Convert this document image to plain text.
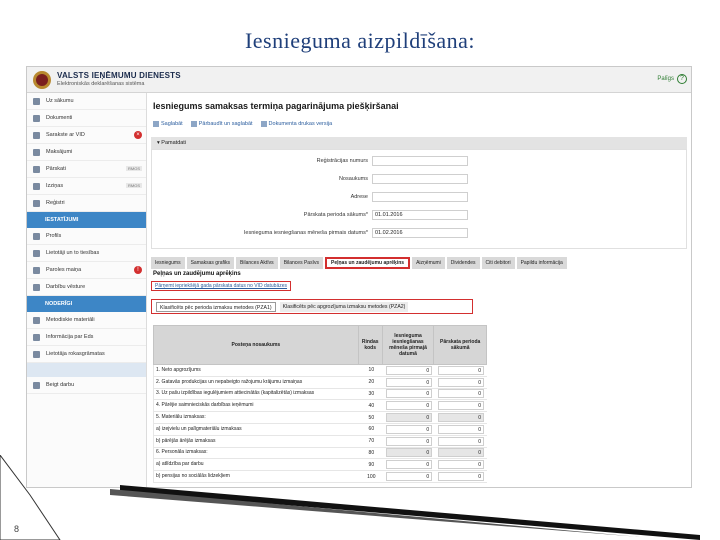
Iesnieguma aizpildīšana:
VALSTS IEŅĒMUMU DIENESTS
Elektroniskās deklarēšanas sistēma
Palīgs ?
Uz sākumu
Dokumenti
Sarakste ar VID	×
Maksājumi
Pārskati	RMOS
Izziņas	RMOS
Reģistri
IESTATĪJUMI
Profils
Lietotāji un to tiesības
Paroles maiņa	!
Darbību vēsture
NODERĪGI
Metodiskie materiāli
Informācija par Eds
Lietotāja rokasgrāmatas
Beigt darbu
Iesniegums samaksas termiņa pagarinājuma piešķiršanai
Saglabāt	Pārbaudīt un saglabāt	Dokumenta drukas versija
▾ Pamatdati
Reģistrācijas numurs
Nosaukums
Adrese
Pārskata perioda sākums*	01.01.2016
Iesnieguma iesniegšanas mēneša pirmais datums*	01.02.2016
Iesniegums	Samaksas grafiks	Bilances Aktīvs	Bilances Pasīvs	Peļņas un zaudējumu aprēķins	Aizņēmumi	Dividendes	Citi debitori	Papildu informācija
Peļņas un zaudējumu aprēķins
Pārņemt iepriekšējā gada pārskata datus no VID datubāzes
Klasificēts pēc perioda izmaksu metodes (PZA1)	Klasificēts pēc apgrozījuma izmaksu metodes (PZA2)
Posteņa nosaukums	Rindas kods
Iesnieguma iesniegšanas mēneša pirmajā datumā
Pārskata perioda sākumā
1. Neto apgrozījums	10	0	0
2. Gatavās produkcijas un nepabeigto ražojumu krājumu izmaiņas	20	0	0
3. Uz pašu izpildības iegulējumiem attiecinātās (kapitalizētās) izmaksas	30	0	0
4. Pārējie saimnieciskās darbības ieņēmumi	40	0	0
5. Materiālu izmaksas:	50	0	0
a) izejvielu un palīgmateriālu izmaksas	60	0	0
b) pārējās ārējās izmaksas	70	0	0
6. Personāla izmaksas:	80	0	0
a) atlīdzība par darbu	90	0	0
b) pensijas no sociālās lidzekļiem	100	0	0
8
